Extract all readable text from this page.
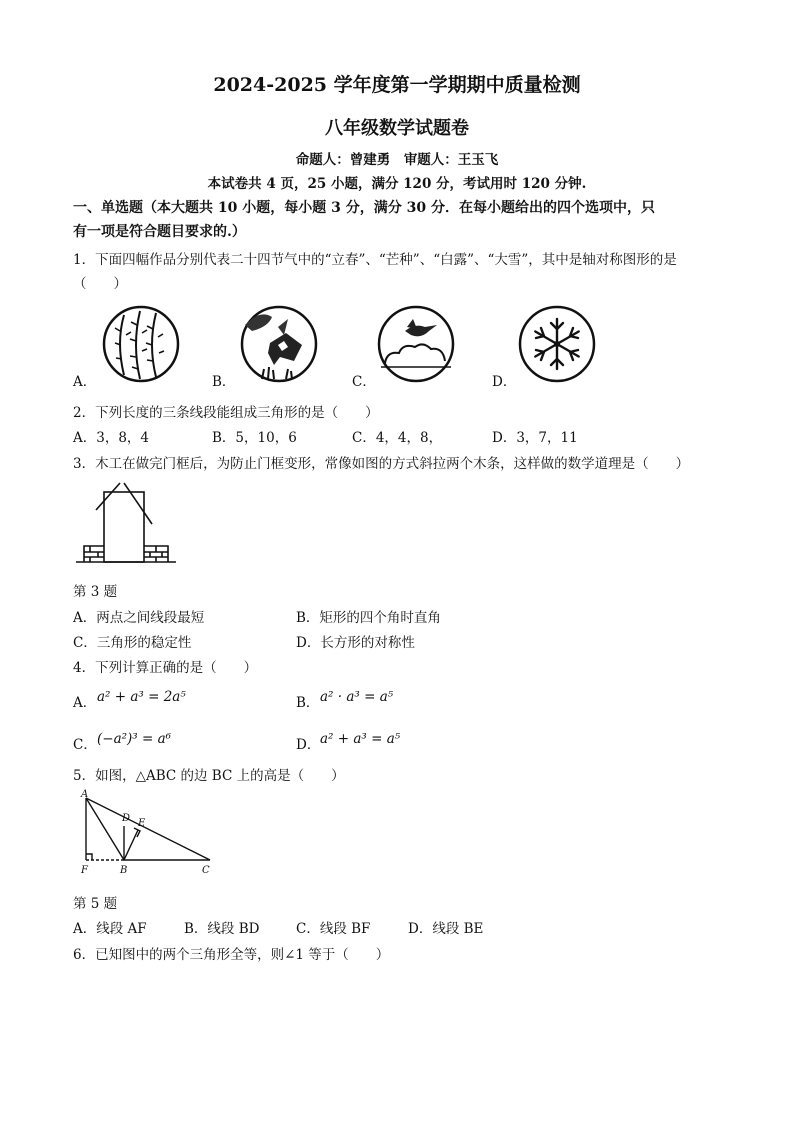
2024-2025 学年度第一学期期中质量检测
八年级数学试题卷
命题人：曾建勇　审题人：王玉飞
本试卷共 4 页，25 小题，满分 120 分，考试用时 120 分钟.
一、单选题（本大题共 10 小题，每小题 3 分，满分 30 分．在每小题给出的四个选项中，只
有一项是符合题目要求的.）
1．下面四幅作品分别代表二十四节气中的“立春”、“芒种”、“白露”、“大雪”，其中是轴对称图形的是
（　　）
A．	B．	C．	D．
2．下列长度的三条线段能组成三角形的是（　　）
A．3，8，4	B．5，10，6	C．4，4，8，	D．3，7，11
3．木工在做完门框后，为防止门框变形，常像如图的方式斜拉两个木条，这样做的数学道理是（　　）
第 3 题
A．两点之间线段最短	B．矩形的四个角时直角
C．三角形的稳定性	D．长方形的对称性
4．下列计算正确的是（　　）
A． a² + a³ = 2a⁵	B． a² · a³ = a⁵
C． (−a²)³ = a⁶	D． a² + a³ = a⁵
5．如图，△ABC 的边 BC 上的高是（　　）
A
B	C
D E
F
第 5 题
A．线段 AF	B．线段 BD	C．线段 BF	D．线段 BE
6．已知图中的两个三角形全等，则∠1 等于（　　）
